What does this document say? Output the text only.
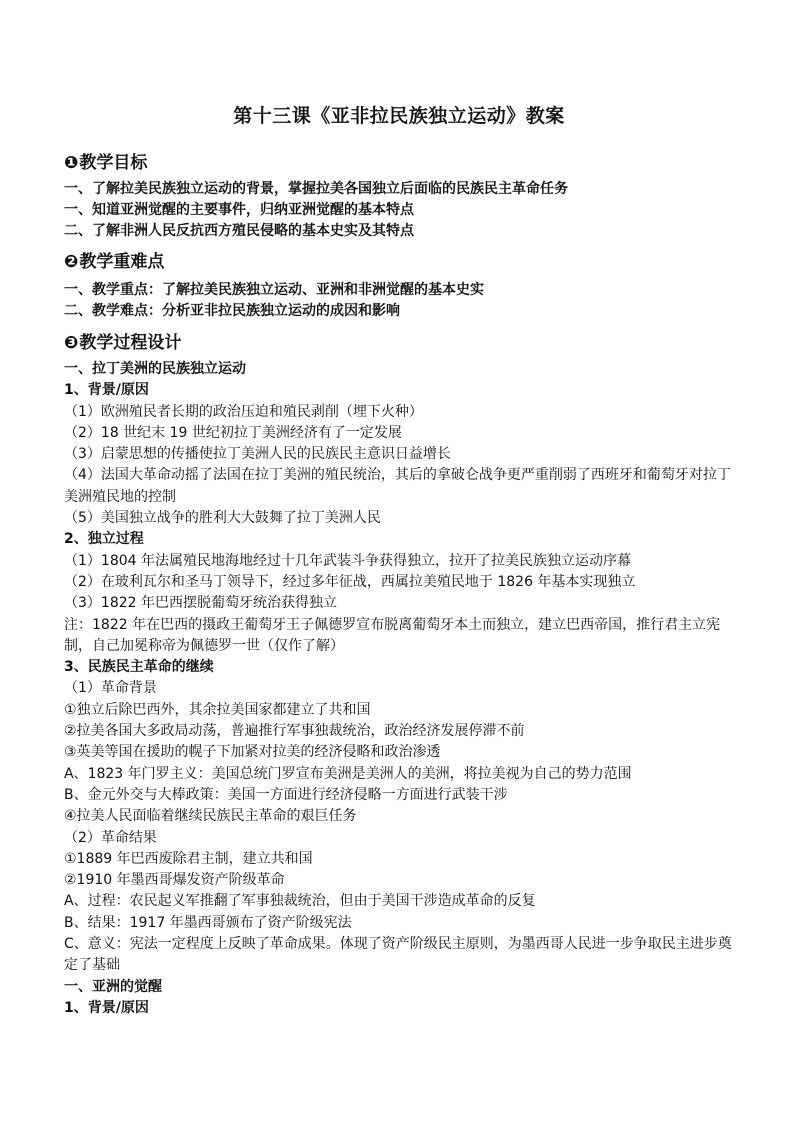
第十三课《亚非拉民族独立运动》教案
❶教学目标
一、了解拉美民族独立运动的背景，掌握拉美各国独立后面临的民族民主革命任务
一、知道亚洲觉醒的主要事件，归纳亚洲觉醒的基本特点
二、了解非洲人民反抗西方殖民侵略的基本史实及其特点
❷教学重难点
一、教学重点：了解拉美民族独立运动、亚洲和非洲觉醒的基本史实
二、教学难点：分析亚非拉民族独立运动的成因和影响
❸教学过程设计
一、拉丁美洲的民族独立运动
1、背景/原因
（1）欧洲殖民者长期的政治压迫和殖民剥削（埋下火种）
（2）18 世纪末 19 世纪初拉丁美洲经济有了一定发展
（3）启蒙思想的传播使拉丁美洲人民的民族民主意识日益增长
（4）法国大革命动摇了法国在拉丁美洲的殖民统治，其后的拿破仑战争更严重削弱了西班牙和葡萄牙对拉丁美洲殖民地的控制
（5）美国独立战争的胜利大大鼓舞了拉丁美洲人民
2、独立过程
（1）1804 年法属殖民地海地经过十几年武装斗争获得独立，拉开了拉美民族独立运动序幕
（2）在玻利瓦尔和圣马丁领导下，经过多年征战，西属拉美殖民地于 1826 年基本实现独立
（3）1822 年巴西摆脱葡萄牙统治获得独立
注：1822 年在巴西的摄政王葡萄牙王子佩德罗宣布脱离葡萄牙本土而独立，建立巴西帝国，推行君主立宪制，自己加冕称帝为佩德罗一世（仅作了解）
3、民族民主革命的继续
（1）革命背景
①独立后除巴西外，其余拉美国家都建立了共和国
②拉美各国大多政局动荡，普遍推行军事独裁统治，政治经济发展停滞不前
③英美等国在援助的幌子下加紧对拉美的经济侵略和政治渗透
A、1823 年门罗主义：美国总统门罗宣布美洲是美洲人的美洲，将拉美视为自己的势力范围
B、金元外交与大棒政策：美国一方面进行经济侵略一方面进行武装干涉
④拉美人民面临着继续民族民主革命的艰巨任务
（2）革命结果
①1889 年巴西废除君主制，建立共和国
②1910 年墨西哥爆发资产阶级革命
A、过程：农民起义军推翻了军事独裁统治，但由于美国干涉造成革命的反复
B、结果：1917 年墨西哥颁布了资产阶级宪法
C、意义：宪法一定程度上反映了革命成果。体现了资产阶级民主原则，为墨西哥人民进一步争取民主进步奠定了基础
一、亚洲的觉醒
1、背景/原因
